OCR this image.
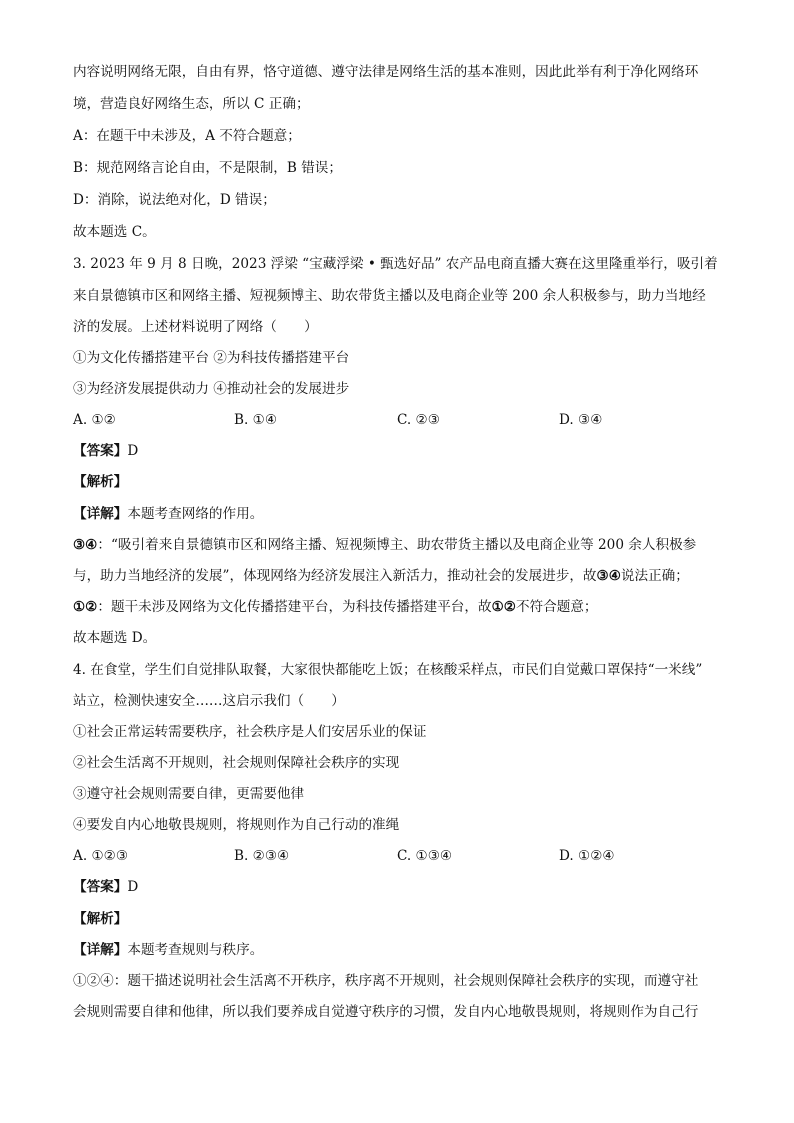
内容说明网络无限，自由有界，恪守道德、遵守法律是网络生活的基本准则，因此此举有利于净化网络环
境，营造良好网络生态，所以 C 正确；
A：在题干中未涉及，A 不符合题意；
B：规范网络言论自由，不是限制，B 错误；
D：消除，说法绝对化，D 错误；
故本题选 C。
3. 2023 年 9 月 8 日晚，2023 浮梁 “宝藏浮梁 • 甄选好品” 农产品电商直播大赛在这里隆重举行，吸引着
来自景德镇市区和网络主播、短视频博主、助农带货主播以及电商企业等 200 余人积极参与，助力当地经
济的发展。上述材料说明了网络（　　）
①为文化传播搭建平台 ②为科技传播搭建平台
③为经济发展提供动力 ④推动社会的发展进步
A. ①②	B. ①④	C. ②③	D. ③④
【答案】D
【解析】
【详解】本题考查网络的作用。
③④：“吸引着来自景德镇市区和网络主播、短视频博主、助农带货主播以及电商企业等 200 余人积极参
与，助力当地经济的发展”，体现网络为经济发展注入新活力，推动社会的发展进步，故③④说法正确；
①②：题干未涉及网络为文化传播搭建平台，为科技传播搭建平台，故①②不符合题意；
故本题选 D。
4. 在食堂，学生们自觉排队取餐，大家很快都能吃上饭；在核酸采样点，市民们自觉戴口罩保持“一米线”
站立，检测快速安全……这启示我们（　　）
①社会正常运转需要秩序，社会秩序是人们安居乐业的保证
②社会生活离不开规则，社会规则保障社会秩序的实现
③遵守社会规则需要自律，更需要他律
④要发自内心地敬畏规则，将规则作为自己行动的准绳
A. ①②③	B. ②③④	C. ①③④	D. ①②④
【答案】D
【解析】
【详解】本题考查规则与秩序。
①②④：题干描述说明社会生活离不开秩序，秩序离不开规则，社会规则保障社会秩序的实现，而遵守社
会规则需要自律和他律，所以我们要养成自觉遵守秩序的习惯，发自内心地敬畏规则，将规则作为自己行
